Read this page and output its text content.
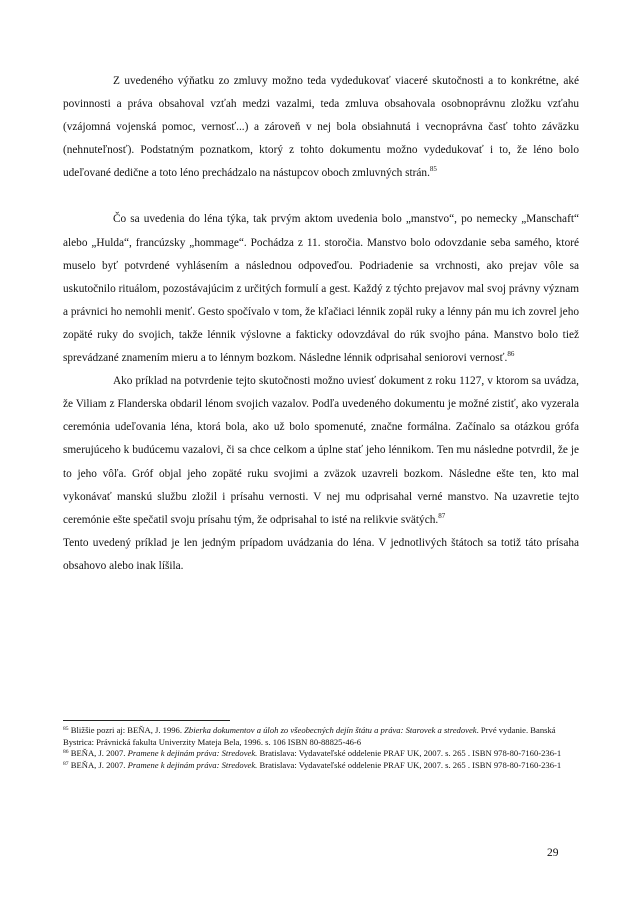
Z uvedeného výňatku zo zmluvy možno teda vydedukovať viaceré skutočnosti a to konkrétne, aké povinnosti a práva obsahoval vzťah medzi vazalmi, teda zmluva obsahovala osobnoprávnu zložku vzťahu (vzájomná vojenská pomoc, vernosť...) a zároveň v nej bola obsiahnutá i vecnoprávna časť tohto záväzku (nehnuteľnosť). Podstatným poznatkom, ktorý z tohto dokumentu možno vydedukovať i to, že léno bolo udeľované dedične a toto léno prechádzalo na nástupcov oboch zmluvných strán.$^{85}$

Čo sa uvedenia do léna týka, tak prvým aktom uvedenia bolo „manstvo“, po nemecky „Manschaft“ alebo „Hulda“, francúzsky „hommage“. Pochádza z 11. storočia. Manstvo bolo odovzdanie seba samého, ktoré muselo byť potvrdené vyhlásením a následnou odpoveďou. Podriadenie sa vrchnosti, ako prejav vôle sa uskutočnilo rituálom, pozostávajúcim z určitých formulí a gest. Každý z týchto prejavov mal svoj právny význam a právnici ho nemohli meniť. Gesto spočívalo v tom, že kľačiaci lénnik zopäl ruky a lénny pán mu ich zovrel jeho zopäté ruky do svojich, takže lénnik výslovne a fakticky odovzdával do rúk svojho pána. Manstvo bolo tiež sprevádzané znamením mieru a to lénnym bozkom. Následne lénnik odprisahal seniorovi vernosť.$^{86}$

Ako príklad na potvrdenie tejto skutočnosti možno uviesť dokument z roku 1127, v ktorom sa uvádza, že Viliam z Flanderska obdaril lénom svojich vazalov. Podľa uvedeného dokumentu je možné zistiť, ako vyzerala ceremónia udeľovania léna, ktorá bola, ako už bolo spomenuté, značne formálna. Začínalo sa otázkou grófa smerujúceho k budúcemu vazalovi, či sa chce celkom a úplne stať jeho lénnikom. Ten mu následne potvrdil, že je to jeho vôľa. Gróf objal jeho zopäté ruku svojimi a zväzok uzavreli bozkom. Následne ešte ten, kto mal vykonávať manskú službu zložil i prísahu vernosti. V nej mu odprisahal verné manstvo. Na uzavretie tejto ceremónie ešte spečatil svoju prísahu tým, že odprisahal to isté na relikvie svätých.$^{87}$

Tento uvedený príklad je len jedným prípadom uvádzania do léna. V jednotlivých štátoch sa totiž táto prísaha obsahovo alebo inak líšila.

$^{85}$ Bližšie pozri aj: BEŇA, J. 1996. Zbierka dokumentov a úloh zo všeobecných dejín štátu a práva: Starovek a stredovek. Prvé vydanie. Banská Bystrica: Právnická fakulta Univerzity Mateja Bela, 1996. s. 106 ISBN 80-88825-46-6

$^{86}$ BEŇA, J. 2007. Pramene k dejinám práva: Stredovek. Bratislava: Vydavateľské oddelenie PRAF UK, 2007. s. 265 . ISBN 978-80-7160-236-1

$^{87}$ BEŇA, J. 2007. Pramene k dejinám práva: Stredovek. Bratislava: Vydavateľské oddelenie PRAF UK, 2007. s. 265 . ISBN 978-80-7160-236-1

29
